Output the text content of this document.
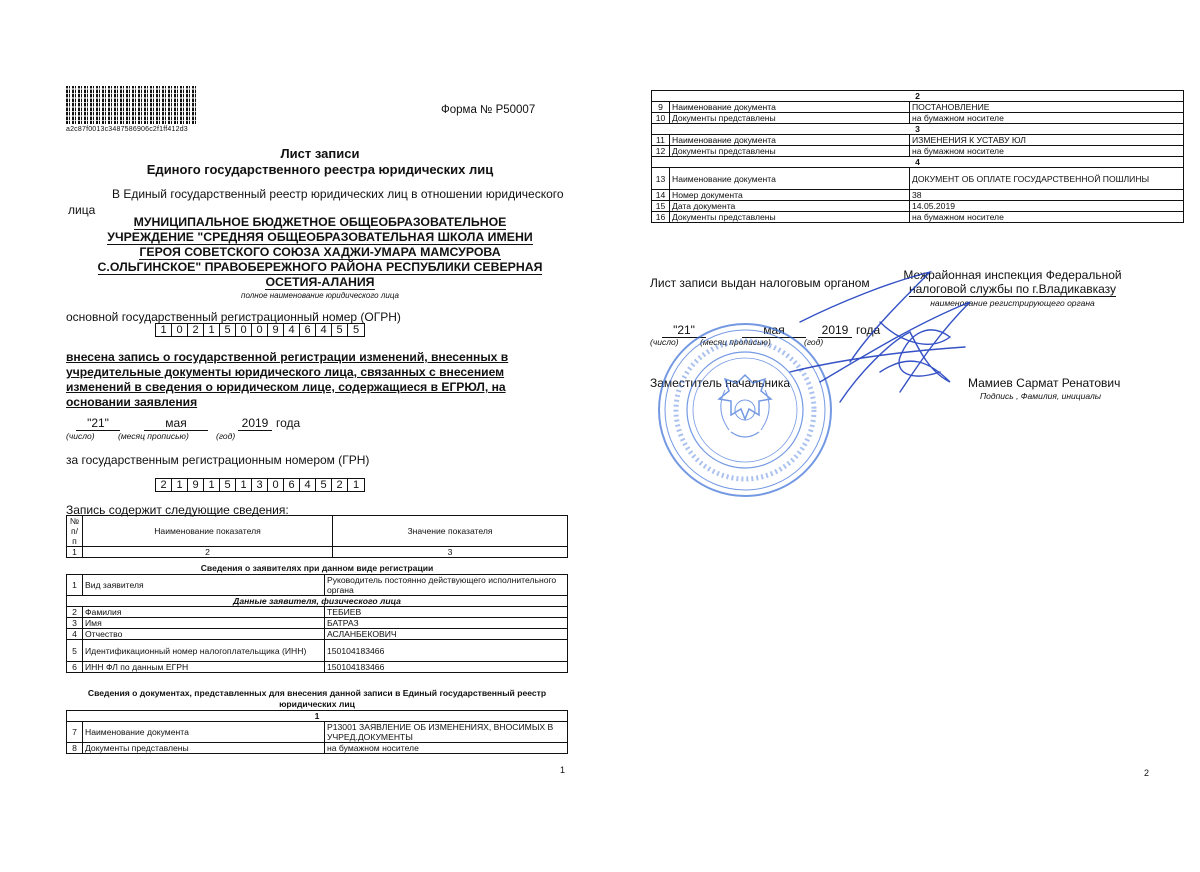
a2c87f0013c3487586906c2f1ff412d3
Форма № Р50007
Лист записи
Единого государственного реестра юридических лиц
В Единый государственный реестр юридических лиц в отношении юридического лица
МУНИЦИПАЛЬНОЕ БЮДЖЕТНОЕ ОБЩЕОБРАЗОВАТЕЛЬНОЕ
УЧРЕЖДЕНИЕ "СРЕДНЯЯ ОБЩЕОБРАЗОВАТЕЛЬНАЯ ШКОЛА ИМЕНИ
ГЕРОЯ СОВЕТСКОГО СОЮЗА ХАДЖИ-УМАРА МАМСУРОВА
С.ОЛЬГИНСКОЕ" ПРАВОБЕРЕЖНОГО РАЙОНА РЕСПУБЛИКИ СЕВЕРНАЯ
ОСЕТИЯ-АЛАНИЯ
полное наименование юридического лица
основной государственный регистрационный номер (ОГРН)
1 0 2 1 5 0 0 9 4 6 4 5 5
внесена запись о государственной регистрации изменений, внесенных в учредительные документы юридического лица, связанных с внесением изменений в сведения о юридическом лице, содержащиеся в ЕГРЮЛ, на основании заявления
"21"	мая	2019 года
(число)	(месяц прописью)	(год)
за государственным регистрационным номером (ГРН)
2 1 9 1 5 1 3 0 6 4 5 2 1
Запись содержит следующие сведения:
№ п/п	Наименование показателя	Значение показателя
1	2	3
Сведения о заявителях при данном виде регистрации
1	Вид заявителя	Руководитель постоянно действующего исполнительного органа
Данные заявителя, физического лица		
2	Фамилия	ТЕБИЕВ
3	Имя	БАТРАЗ
4	Отчество	АСЛАНБЕКОВИЧ
5	Идентификационный номер налогоплательщика (ИНН)	150104183466
6	ИНН ФЛ по данным ЕГРН	150104183466
Сведения о документах, представленных для внесения данной записи в Единый государственный реестр юридических лиц
1		
7	Наименование документа	Р13001 ЗАЯВЛЕНИЕ ОБ ИЗМЕНЕНИЯХ, ВНОСИМЫХ В УЧРЕД.ДОКУМЕНТЫ
8	Документы представлены	на бумажном носителе
1
2		
9	Наименование документа	ПОСТАНОВЛЕНИЕ
10	Документы представлены	на бумажном носителе
3		
11	Наименование документа	ИЗМЕНЕНИЯ К УСТАВУ ЮЛ
12	Документы представлены	на бумажном носителе
4		
13	Наименование документа	ДОКУМЕНТ ОБ ОПЛАТЕ ГОСУДАРСТВЕННОЙ ПОШЛИНЫ
14	Номер документа	38
15	Дата документа	14.05.2019
16	Документы представлены	на бумажном носителе
Лист записи выдан налоговым органом
Межрайонная инспекция Федеральной
налоговой службы по г.Владикавказу
наименование регистрирующего органа
"21"	мая	2019 года
(число)	(месяц прописью)	(год)
Заместитель начальника	Мамиев Сармат Ренатович
Подпись , Фамилия, инициалы
2
